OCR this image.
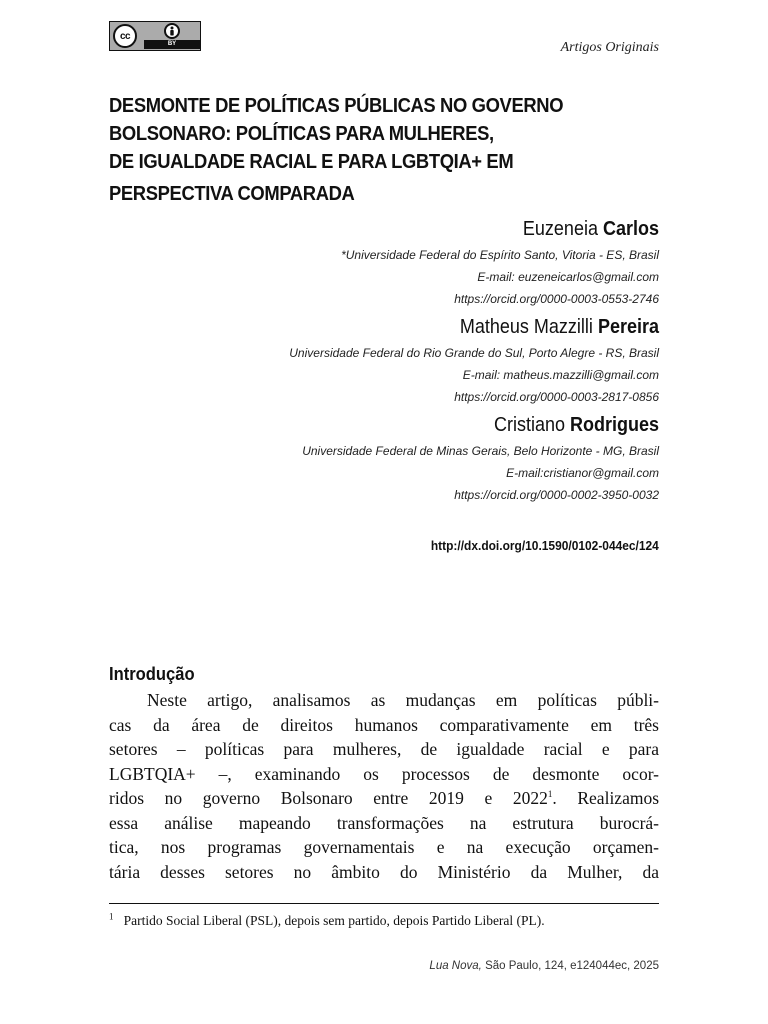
cc
BY	Artigos Originais
DESMONTE DE POLÍTICAS PÚBLICAS NO GOVERNO
BOLSONARO: POLÍTICAS PARA MULHERES,
DE IGUALDADE RACIAL E PARA LGBTQIA+ EM
PERSPECTIVA COMPARADA
Euzeneia Carlos
*Universidade Federal do Espírito Santo, Vitoria - ES, Brasil
E-mail: euzeneicarlos@gmail.com
https://orcid.org/0000-0003-0553-2746
Matheus Mazzilli Pereira
Universidade Federal do Rio Grande do Sul, Porto Alegre - RS, Brasil
E-mail: matheus.mazzilli@gmail.com
https://orcid.org/0000-0003-2817-0856
Cristiano Rodrigues
Universidade Federal de Minas Gerais, Belo Horizonte - MG, Brasil
E-mail:cristianor@gmail.com
https://orcid.org/0000-0002-3950-0032
http://dx.doi.org/10.1590/0102-044ec/124
Introdução
Neste artigo, analisamos as mudanças em políticas públi-
cas da área de direitos humanos comparativamente em três
setores – políticas para mulheres, de igualdade racial e para
LGBTQIA+ –, examinando os processos de desmonte ocor-
ridos no governo Bolsonaro entre 2019 e 2022$^1$. Realizamos
essa análise mapeando transformações na estrutura burocrá-
tica, nos programas governamentais e na execução orçamen-
tária desses setores no âmbito do Ministério da Mulher, da
$^1$ Partido Social Liberal (PSL), depois sem partido, depois Partido Liberal (PL).
Lua Nova, São Paulo, 124, e124044ec, 2025
